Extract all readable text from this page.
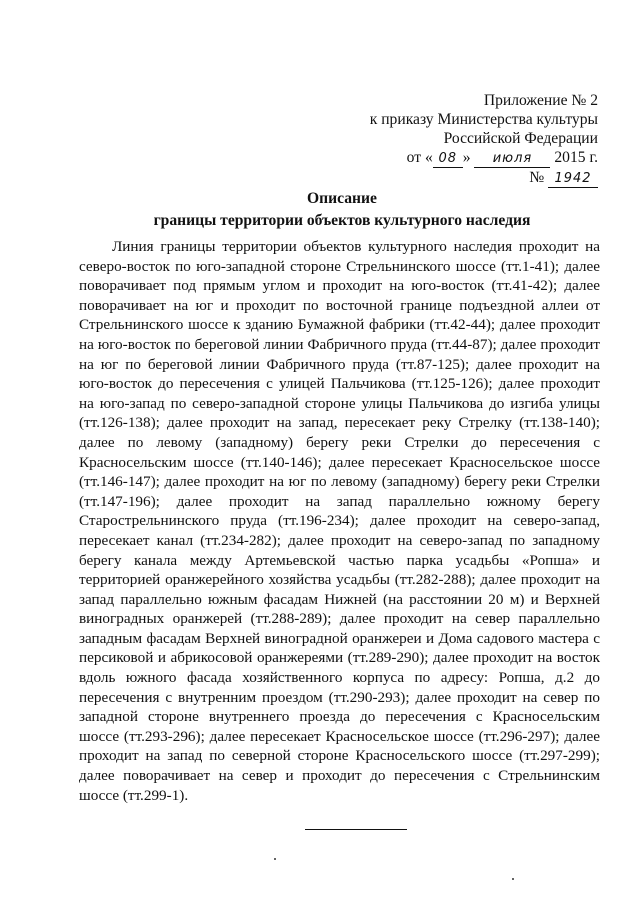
Приложение № 2
к приказу Министерства культуры
Российской Федерации
от « 08 » июля 2015 г.
№ 1942
Описание
границы территории объектов культурного наследия
Линия границы территории объектов культурного наследия проходит на северо-восток по юго-западной стороне Стрельнинского шоссе (тт.1-41); далее поворачивает под прямым углом и проходит на юго-восток (тт.41-42); далее поворачивает на юг и проходит по восточной границе подъездной аллеи от Стрельнинского шоссе к зданию Бумажной фабрики (тт.42-44); далее проходит на юго-восток по береговой линии Фабричного пруда (тт.44-87); далее проходит на юг по береговой линии Фабричного пруда (тт.87-125); далее проходит на юго-восток до пересечения с улицей Пальчикова (тт.125-126); далее проходит на юго-запад по северо-западной стороне улицы Пальчикова до изгиба улицы (тт.126-138); далее проходит на запад, пересекает реку Стрелку (тт.138-140); далее по левому (западному) берегу реки Стрелки до пересечения с Красносельским шоссе (тт.140-146); далее пересекает Красносельское шоссе (тт.146-147); далее проходит на юг по левому (западному) берегу реки Стрелки (тт.147-196); далее проходит на запад параллельно южному берегу Старострельнинского пруда (тт.196-234); далее проходит на северо-запад, пересекает канал (тт.234-282); далее проходит на северо-запад по западному берегу канала между Артемьевской частью парка усадьбы «Ропша» и территорией оранжерейного хозяйства усадьбы (тт.282-288); далее проходит на запад параллельно южным фасадам Нижней (на расстоянии 20 м) и Верхней виноградных оранжерей (тт.288-289); далее проходит на север параллельно западным фасадам Верхней виноградной оранжереи и Дома садового мастера с персиковой и абрикосовой оранжереями (тт.289-290); далее проходит на восток вдоль южного фасада хозяйственного корпуса по адресу: Ропша, д.2 до пересечения с внутренним проездом (тт.290-293); далее проходит на север по западной стороне внутреннего проезда до пересечения с Красносельским шоссе (тт.293-296); далее пересекает Красносельское шоссе (тт.296-297); далее проходит на запад по северной стороне Красносельского шоссе (тт.297-299); далее поворачивает на север и проходит до пересечения с Стрельнинским шоссе (тт.299-1).
